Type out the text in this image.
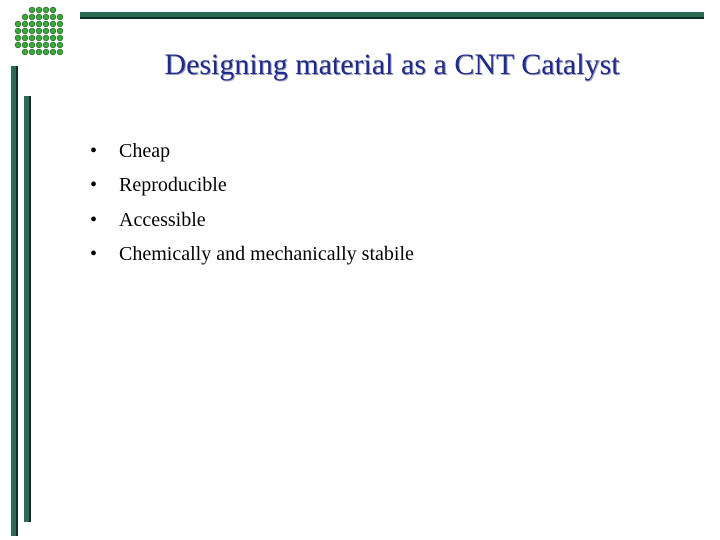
Designing material as a CNT Catalyst
• Cheap
• Reproducible
• Accessible
• Chemically and mechanically stabile
